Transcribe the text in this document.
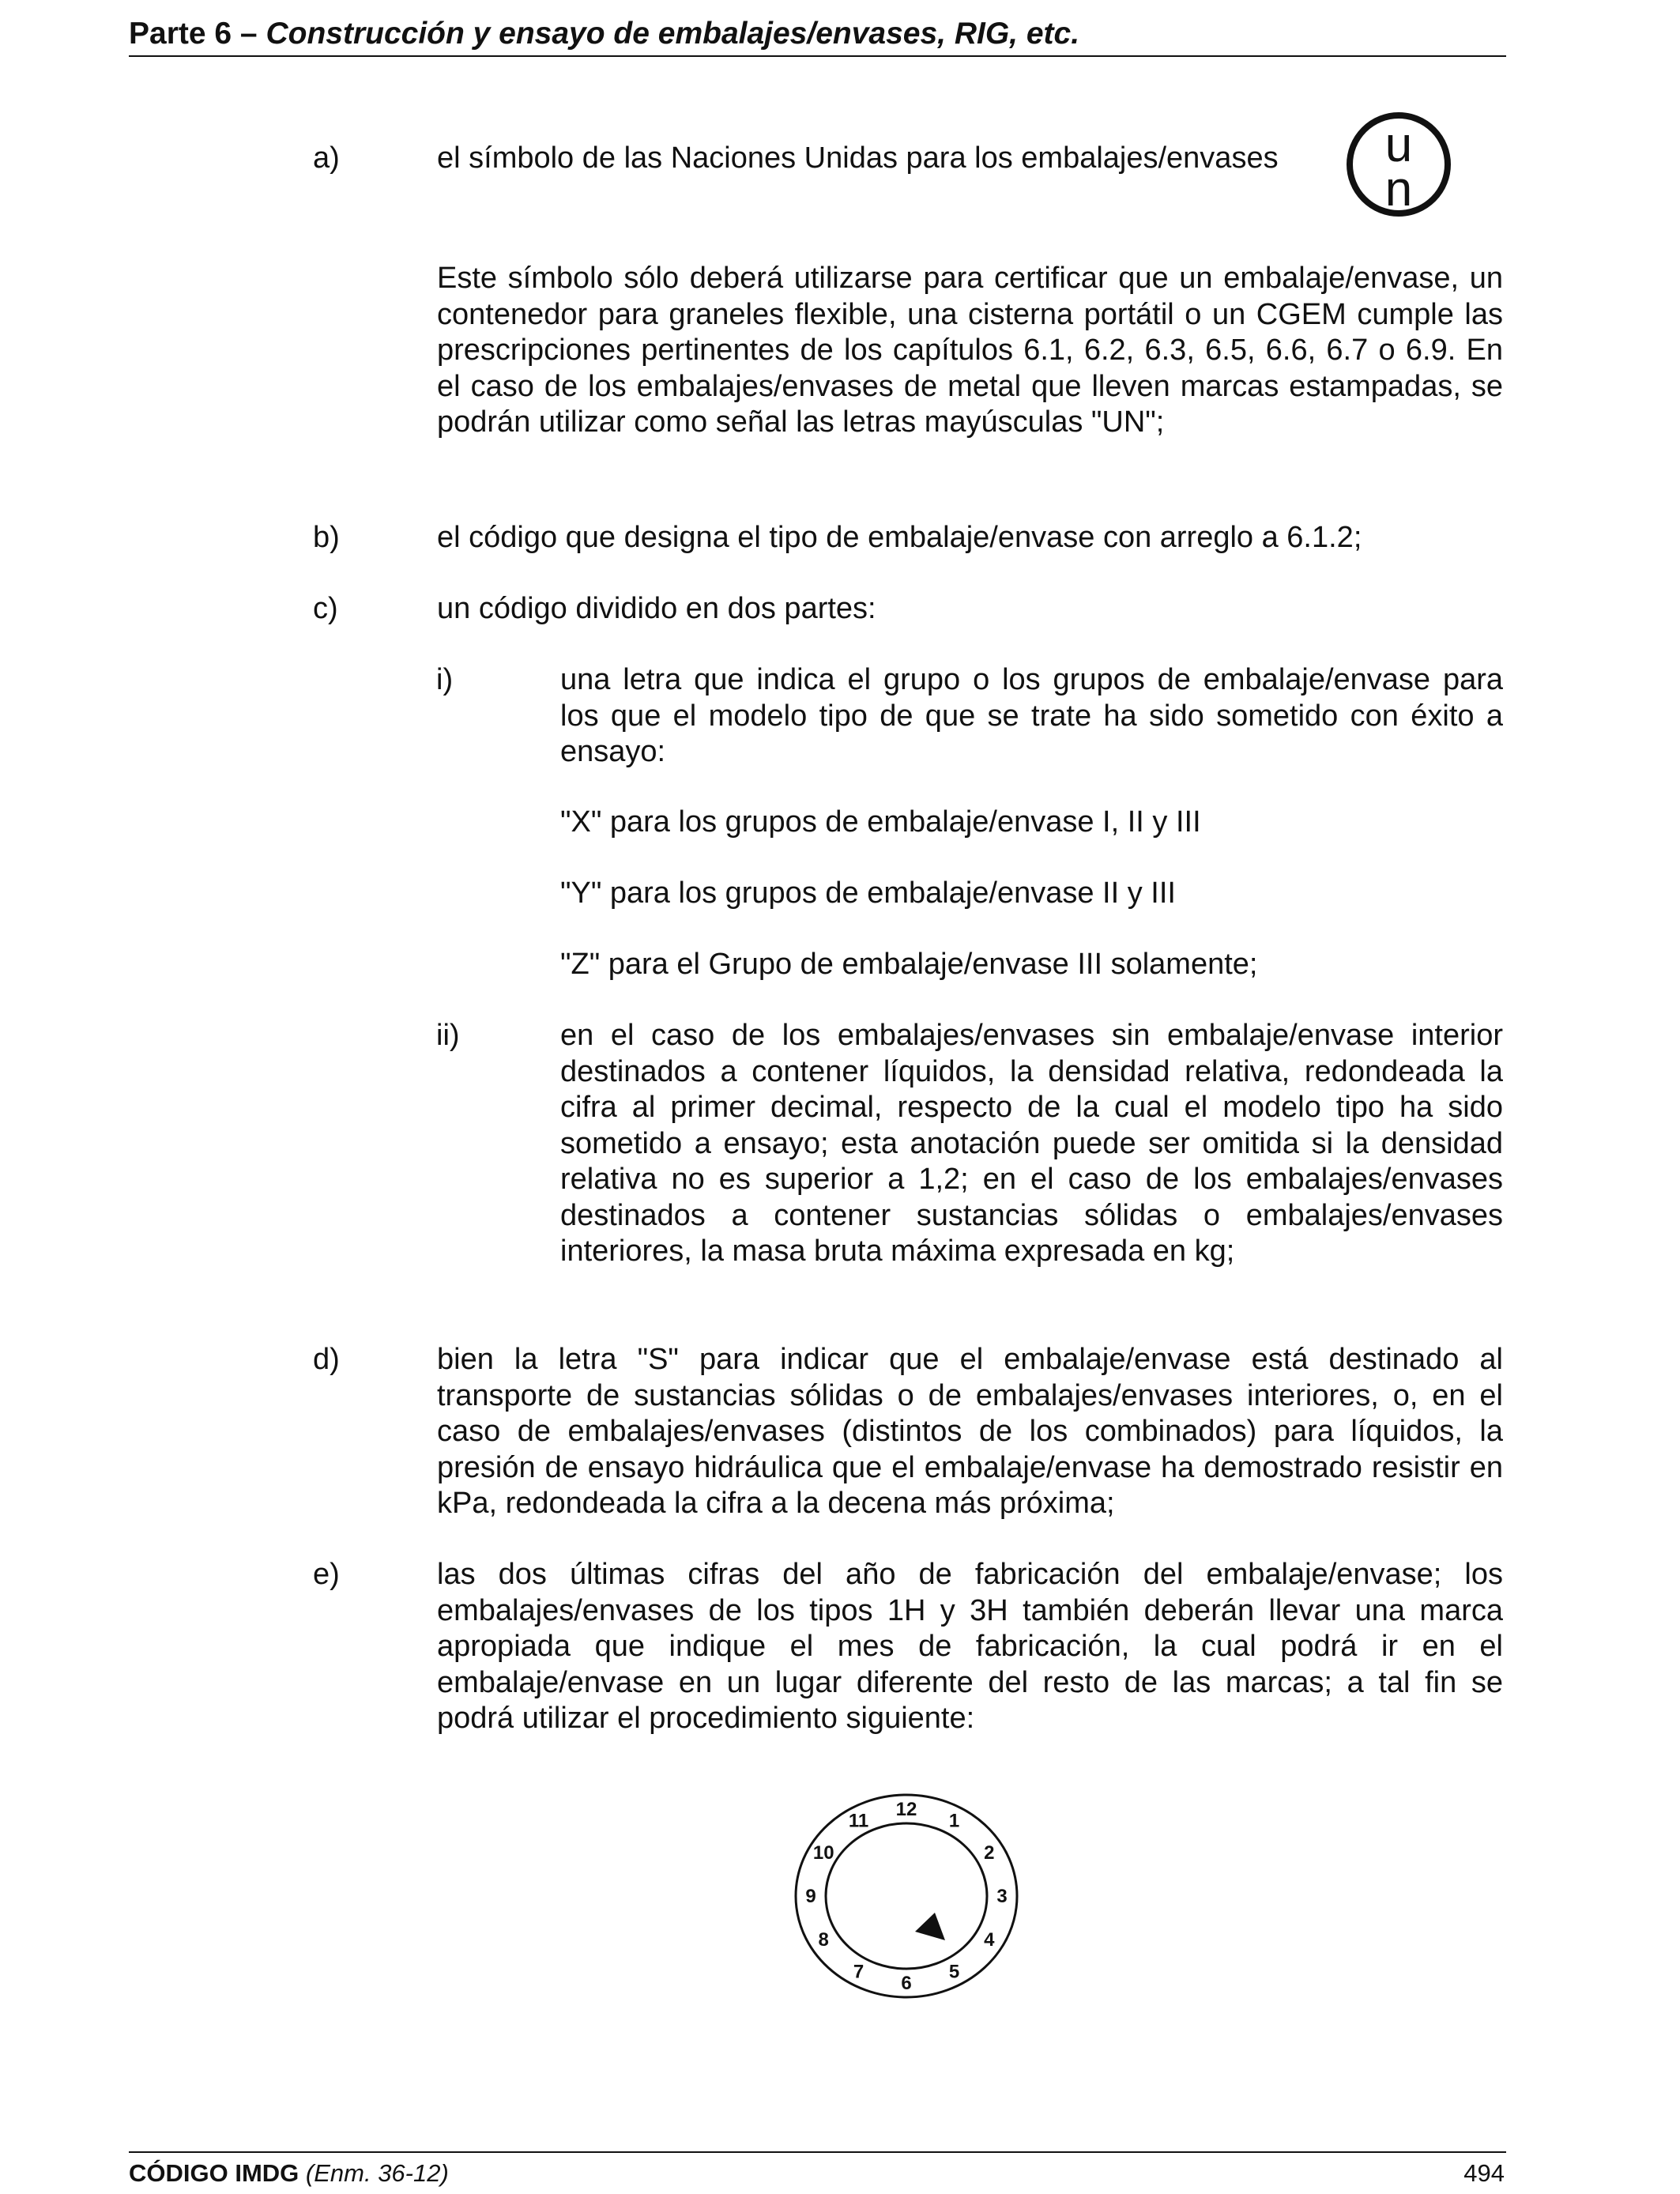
Parte 6 – Construcción y ensayo de embalajes/envases, RIG, etc.
a)	el símbolo de las Naciones Unidas para los embalajes/envases u
n
Este símbolo sólo deberá utilizarse para certificar que un embalaje/envase, un contenedor para graneles flexible, una cisterna portátil o un CGEM cumple las prescripciones pertinentes de los capítulos 6.1, 6.2, 6.3, 6.5, 6.6, 6.7 o 6.9. En el caso de los embalajes/envases de metal que lleven marcas estampadas, se podrán utilizar como señal las letras mayúsculas "UN";
b)	el código que designa el tipo de embalaje/envase con arreglo a 6.1.2;
c)	un código dividido en dos partes:
i)	una letra que indica el grupo o los grupos de embalaje/envase para los que el modelo tipo de que se trate ha sido sometido con éxito a ensayo:
"X" para los grupos de embalaje/envase I, II y III
"Y" para los grupos de embalaje/envase II y III
"Z" para el Grupo de embalaje/envase III solamente;
ii)	en el caso de los embalajes/envases sin embalaje/envase interior destinados a contener líquidos, la densidad relativa, redondeada la cifra al primer decimal, respecto de la cual el modelo tipo ha sido sometido a ensayo; esta anotación puede ser omitida si la densidad relativa no es superior a 1,2; en el caso de los embalajes/envases destinados a contener sustancias sólidas o embalajes/envases interiores, la masa bruta máxima expresada en kg;
d)	bien la letra "S" para indicar que el embalaje/envase está destinado al transporte de sustancias sólidas o de embalajes/envases interiores, o, en el caso de embalajes/envases (distintos de los combinados) para líquidos, la presión de ensayo hidráulica que el embalaje/envase ha demostrado resistir en kPa, redondeada la cifra a la decena más próxima;
e)	las dos últimas cifras del año de fabricación del embalaje/envase; los embalajes/envases de los tipos 1H y 3H también deberán llevar una marca apropiada que indique el mes de fabricación, la cual podrá ir en el embalaje/envase en un lugar diferente del resto de las marcas; a tal fin se podrá utilizar el procedimiento siguiente:
12
1
2
3
4
5
6
7
8
9
10
11
CÓDIGO IMDG (Enm. 36-12)	494
